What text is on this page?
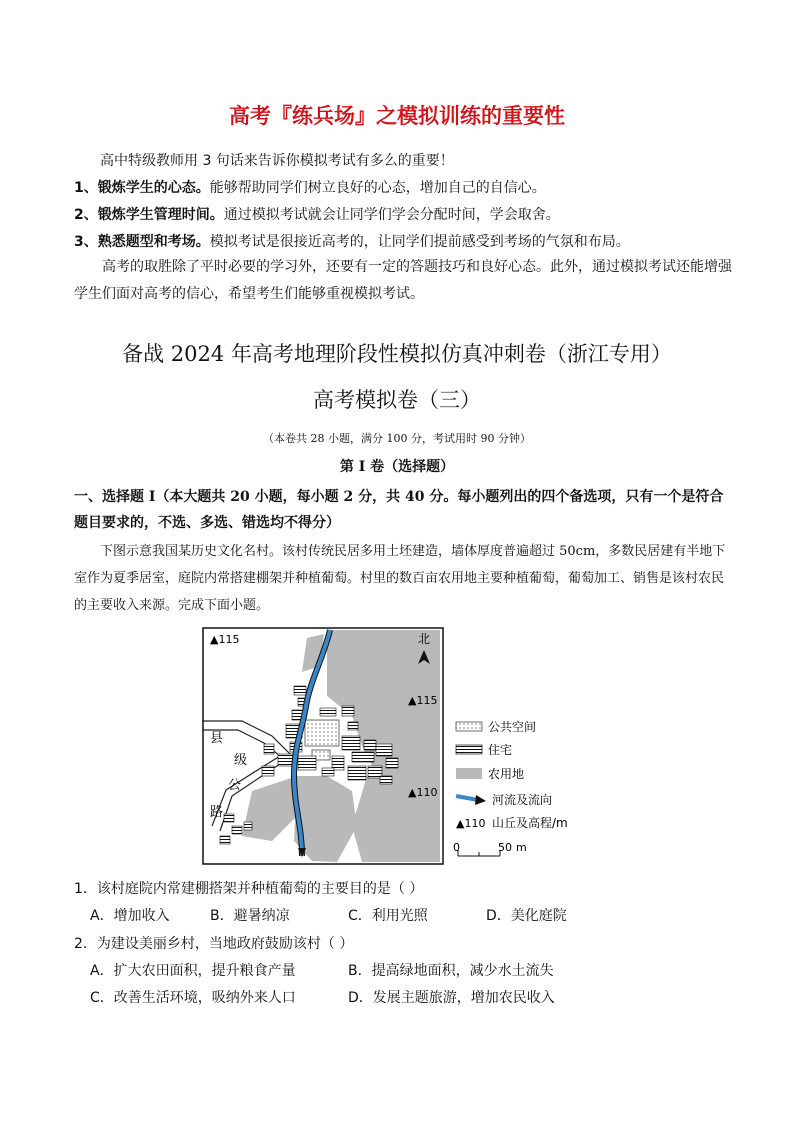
高考『练兵场』之模拟训练的重要性
高中特级教师用 3 句话来告诉你模拟考试有多么的重要！
1、锻炼学生的心态。能够帮助同学们树立良好的心态，增加自己的自信心。
2、锻炼学生管理时间。通过模拟考试就会让同学们学会分配时间，学会取舍。
3、熟悉题型和考场。模拟考试是很接近高考的，让同学们提前感受到考场的气氛和布局。
高考的取胜除了平时必要的学习外，还要有一定的答题技巧和良好心态。此外，通过模拟考试还能增强学生们面对高考的信心，希望考生们能够重视模拟考试。
备战 2024 年高考地理阶段性模拟仿真冲刺卷（浙江专用）
高考模拟卷（三）
（本卷共 28 小题，满分 100 分，考试用时 90 分钟）
第 I 卷（选择题）
一、选择题 I（本大题共 20 小题，每小题 2 分，共 40 分。每小题列出的四个备选项，只有一个是符合题目要求的，不选、多选、错选均不得分）
下图示意我国某历史文化名村。该村传统民居多用土坯建造，墙体厚度普遍超过 50cm，多数民居建有半地下室作为夏季居室，庭院内常搭建棚架并种植葡萄。村里的数百亩农用地主要种植葡萄，葡萄加工、销售是该村农民的主要收入来源。完成下面小题。
县
级
公
路
▲115
▲115
▲110
北
公共空间
住宅
农用地
河流及流向
▲110 山丘及高程/m
0	50 m
1．该村庭院内常建棚搭架并种植葡萄的主要目的是（ ）
A．增加收入	B．避暑纳凉	C．利用光照	D．美化庭院
2．为建设美丽乡村，当地政府鼓励该村（ ）
A．扩大农田面积，提升粮食产量	B．提高绿地面积，减少水土流失
C．改善生活环境，吸纳外来人口	D．发展主题旅游，增加农民收入
